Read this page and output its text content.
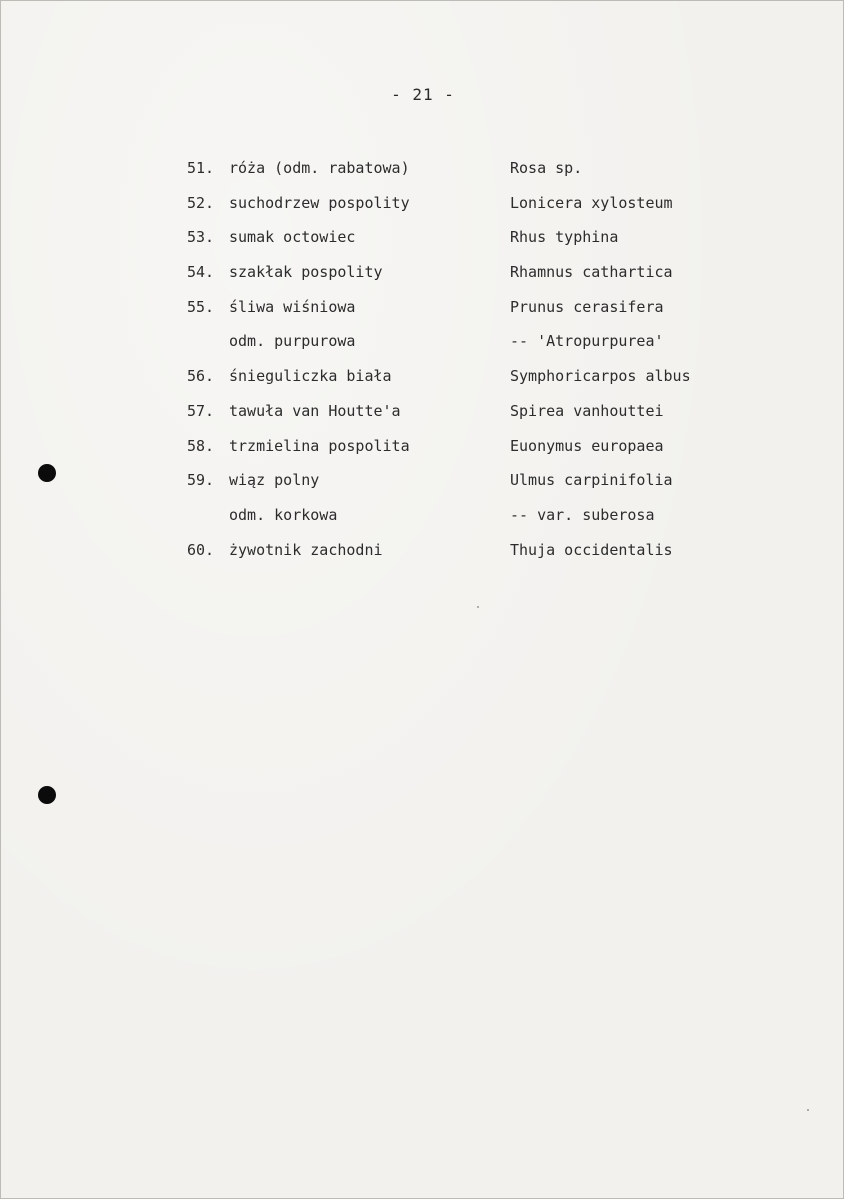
- 21 -
51. róża (odm. rabatowa)	Rosa sp.
52. suchodrzew pospolity	Lonicera xylosteum
53. sumak octowiec	Rhus typhina
54. szakłak pospolity	Rhamnus cathartica
55. śliwa wiśniowa	Prunus cerasifera
odm. purpurowa	-- 'Atropurpurea'
56. śnieguliczka biała	Symphoricarpos albus
57. tawuła van Houtte'a	Spirea vanhouttei
58. trzmielina pospolita	Euonymus europaea
59. wiąz polny	Ulmus carpinifolia
odm. korkowa	-- var. suberosa
60. żywotnik zachodni	Thuja occidentalis
